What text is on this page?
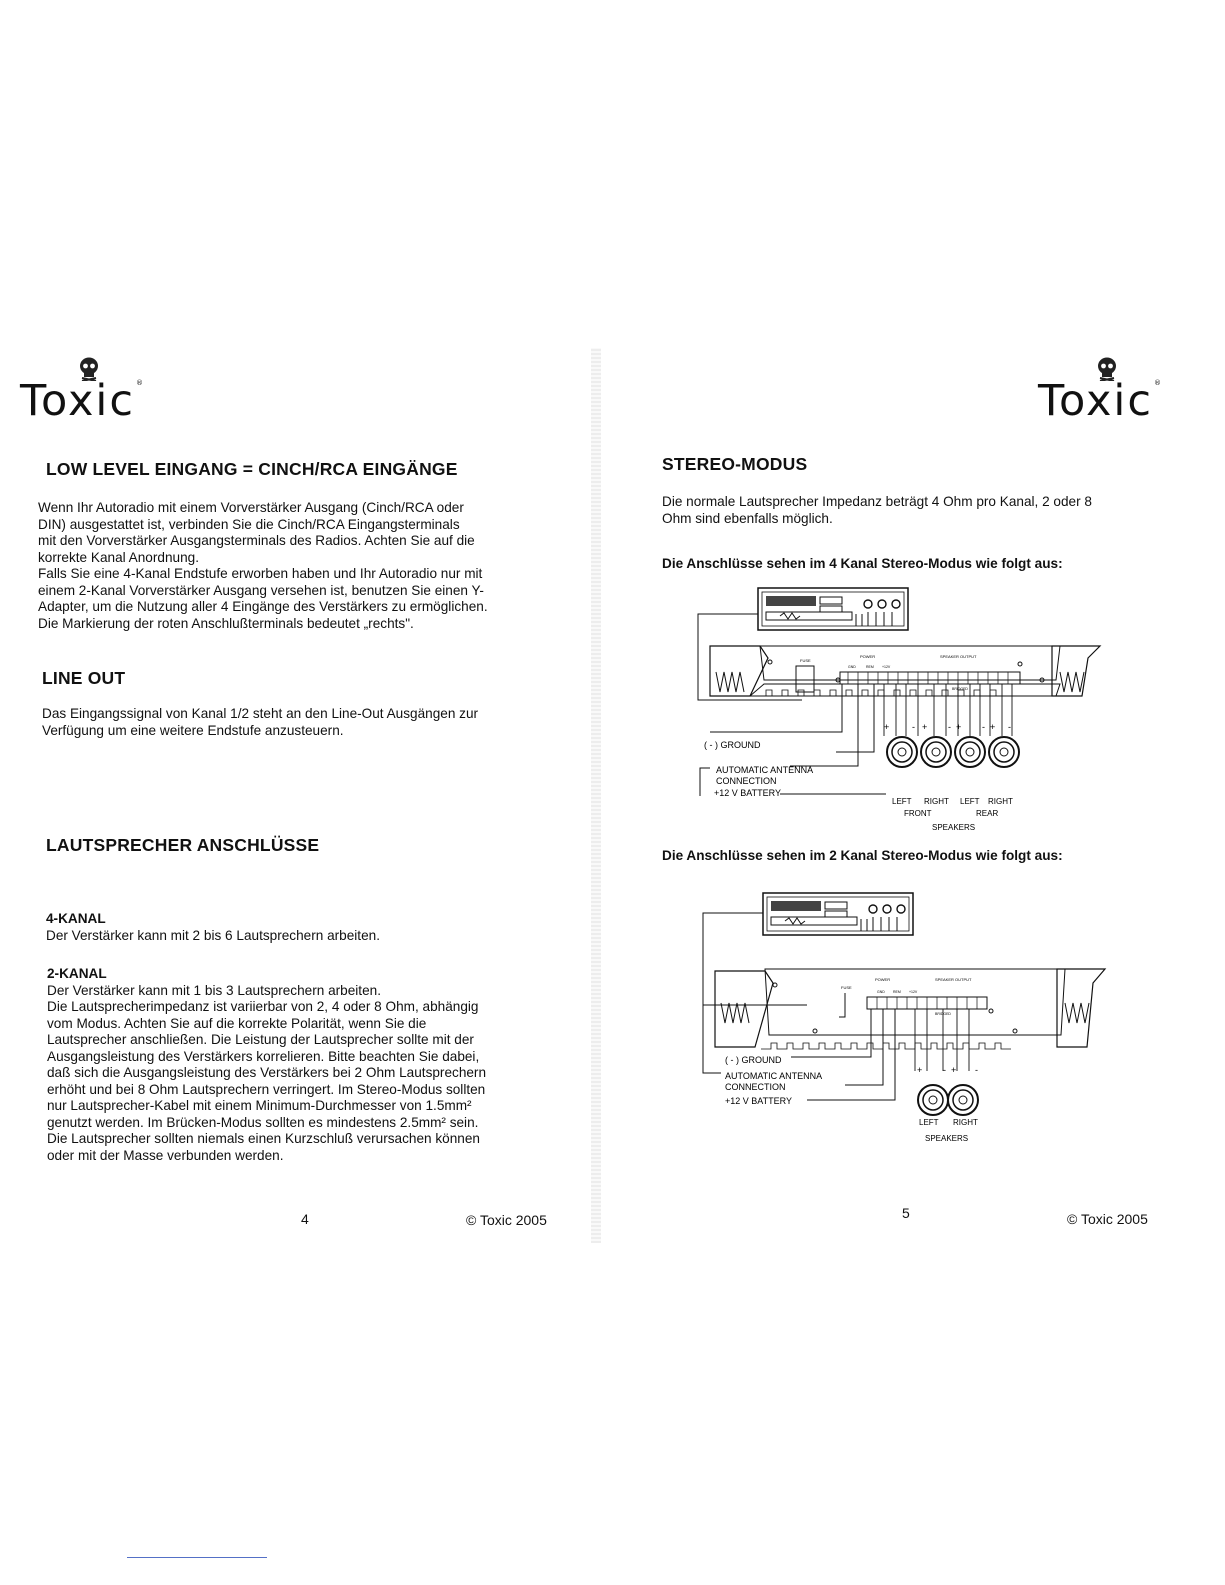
Toxic®
LOW LEVEL EINGANG = CINCH/RCA EINGÄNGE

Wenn Ihr Autoradio mit einem Vorverstärker Ausgang (Cinch/RCA oder

DIN) ausgestattet ist, verbinden Sie die Cinch/RCA Eingangsterminals

mit den Vorverstärker Ausgangsterminals des Radios. Achten Sie auf die

korrekte Kanal Anordnung.

Falls Sie eine 4-Kanal Endstufe erworben haben und Ihr Autoradio nur mit

einem 2-Kanal Vorverstärker Ausgang versehen ist, benutzen Sie einen Y-

Adapter, um die Nutzung aller 4 Eingänge des Verstärkers zu ermöglichen.

Die Markierung der roten Anschlußterminals bedeutet „rechts".

LINE OUT

Das Eingangssignal von Kanal 1/2 steht an den Line-Out Ausgängen zur

Verfügung um eine weitere Endstufe anzusteuern.

LAUTSPRECHER ANSCHLÜSSE

4-KANAL

Der Verstärker kann mit 2 bis 6 Lautsprechern arbeiten.

2-KANAL

Der Verstärker kann mit 1 bis 3 Lautsprechern arbeiten.

Die Lautsprecherimpedanz ist variierbar von 2, 4 oder 8 Ohm, abhängig

vom Modus. Achten Sie auf die korrekte Polarität, wenn Sie die

Lautsprecher anschließen. Die Leistung der Lautsprecher sollte mit der

Ausgangsleistung des Verstärkers korrelieren. Bitte beachten Sie dabei,

daß sich die Ausgangsleistung des Verstärkers bei 2 Ohm Lautsprechern

erhöht und bei 8 Ohm Lautsprechern verringert. Im Stereo-Modus sollten

nur Lautsprecher-Kabel mit einem Minimum-Durchmesser von 1.5mm²

genutzt werden. Im Brücken-Modus sollten es mindestens 2.5mm² sein.

Die Lautsprecher sollten niemals einen Kurzschluß verursachen können

oder mit der Masse verbunden werden.

4	© Toxic 2005
Toxic®
STEREO-MODUS

Die normale Lautsprecher Impedanz beträgt 4 Ohm pro Kanal, 2 oder 8

Ohm sind ebenfalls möglich.

Die Anschlüsse sehen im 4 Kanal Stereo-Modus wie folgt aus:
POWER	SPEAKER OUTPUT
FUSE
GND	REM +12V
BRIDGED
+	- + - + - + -
( - ) GROUND
AUTOMATIC ANTENNA
CONNECTION
+12 V BATTERY
LEFT RIGHT LEFT RIGHT
FRONT	REAR
SPEAKERS
Die Anschlüsse sehen im 2 Kanal Stereo-Modus wie folgt aus:
POWER	SPEAKER OUTPUT
FUSE
GND REM +12V
BRIDGED
+ - + -
( - ) GROUND
AUTOMATIC ANTENNA
CONNECTION
+12 V BATTERY
LEFT RIGHT
SPEAKERS
5	© Toxic 2005
